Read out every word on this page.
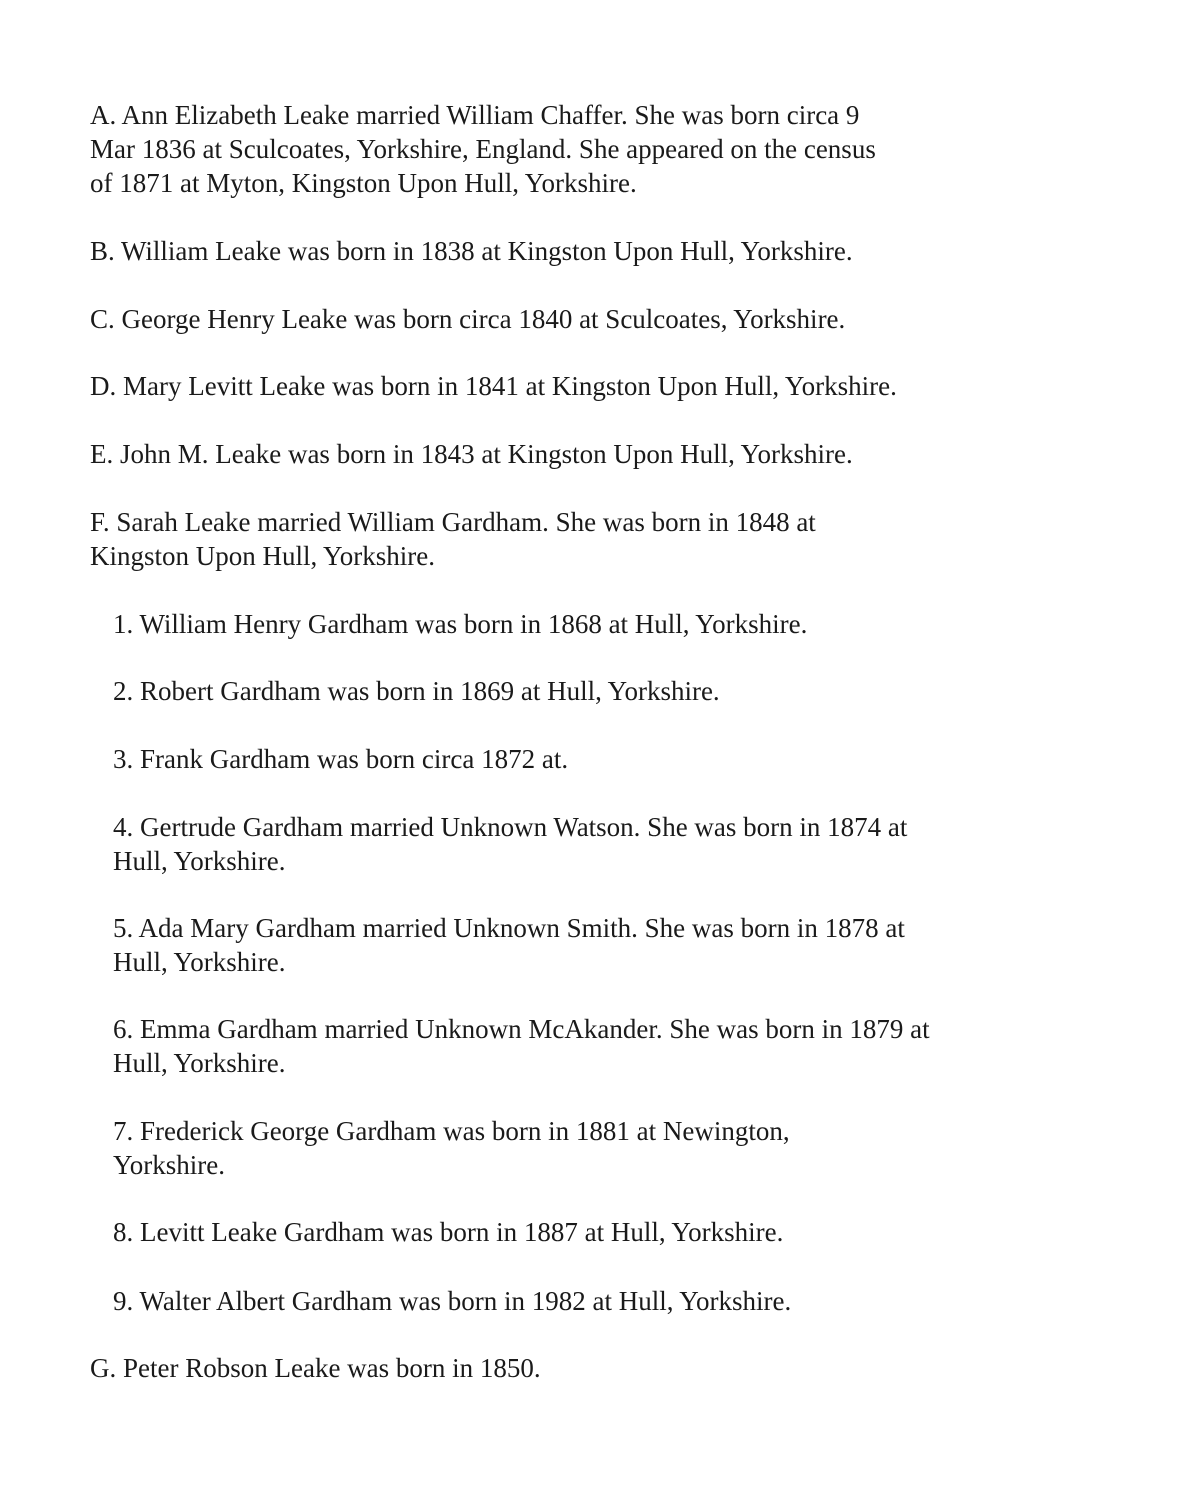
A. Ann Elizabeth Leake married William Chaffer. She was born circa 9
Mar 1836 at Sculcoates, Yorkshire, England. She appeared on the census
of 1871 at Myton, Kingston Upon Hull, Yorkshire.

B. William Leake was born in 1838 at Kingston Upon Hull, Yorkshire.

C. George Henry Leake was born circa 1840 at Sculcoates, Yorkshire.

D. Mary Levitt Leake was born in 1841 at Kingston Upon Hull, Yorkshire.

E. John M. Leake was born in 1843 at Kingston Upon Hull, Yorkshire.

F. Sarah Leake married William Gardham. She was born in 1848 at
Kingston Upon Hull, Yorkshire.

1. William Henry Gardham was born in 1868 at Hull, Yorkshire.

2. Robert Gardham was born in 1869 at Hull, Yorkshire.

3. Frank Gardham was born circa 1872 at.

4. Gertrude Gardham married Unknown Watson. She was born in 1874 at
Hull, Yorkshire.

5. Ada Mary Gardham married Unknown Smith. She was born in 1878 at
Hull, Yorkshire.

6. Emma Gardham married Unknown McAkander. She was born in 1879 at
Hull, Yorkshire.

7. Frederick George Gardham was born in 1881 at Newington,
Yorkshire.

8. Levitt Leake Gardham was born in 1887 at Hull, Yorkshire.

9. Walter Albert Gardham was born in 1982 at Hull, Yorkshire.

G. Peter Robson Leake was born in 1850.
